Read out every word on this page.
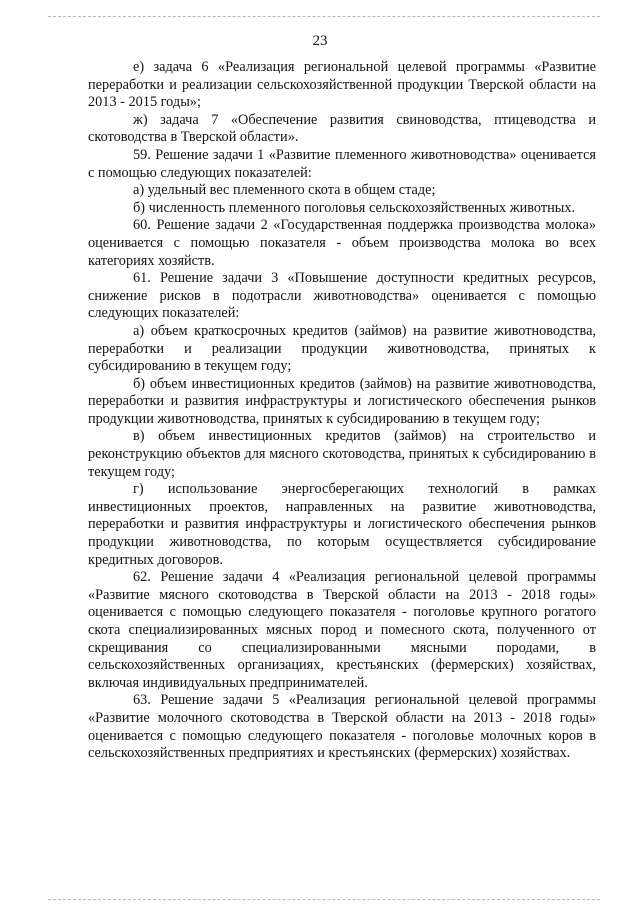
23

е) задача 6 «Реализация региональной целевой программы «Развитие переработки и реализации сельскохозяйственной продукции Тверской области на 2013 - 2015 годы»;

ж) задача 7 «Обеспечение развития свиноводства, птицеводства и скотоводства в Тверской области».

59. Решение задачи 1 «Развитие племенного животноводства» оценивается с помощью следующих показателей:

а) удельный вес племенного скота в общем стаде;

б) численность племенного поголовья сельскохозяйственных животных.

60. Решение задачи 2 «Государственная поддержка производства молока» оценивается с помощью показателя - объем производства молока во всех категориях хозяйств.

61. Решение задачи 3 «Повышение доступности кредитных ресурсов, снижение рисков в подотрасли животноводства» оценивается с помощью следующих показателей:

а) объем краткосрочных кредитов (займов) на развитие животноводства, переработки и реализации продукции животноводства, принятых к субсидированию в текущем году;

б) объем инвестиционных кредитов (займов) на развитие животноводства, переработки и развития инфраструктуры и логистического обеспечения рынков продукции животноводства, принятых к субсидированию в текущем году;

в) объем инвестиционных кредитов (займов) на строительство и реконструкцию объектов для мясного скотоводства, принятых к субсидированию в текущем году;

г) использование энергосберегающих технологий в рамках инвестиционных проектов, направленных на развитие животноводства, переработки и развития инфраструктуры и логистического обеспечения рынков продукции животноводства, по которым осуществляется субсидирование кредитных договоров.

62. Решение задачи 4 «Реализация региональной целевой программы «Развитие мясного скотоводства в Тверской области на 2013 - 2018 годы» оценивается с помощью следующего показателя - поголовье крупного рогатого скота специализированных мясных пород и помесного скота, полученного от скрещивания со специализированными мясными породами, в сельскохозяйственных организациях, крестьянских (фермерских) хозяйствах, включая индивидуальных предпринимателей.

63. Решение задачи 5 «Реализация региональной целевой программы «Развитие молочного скотоводства в Тверской области на 2013 - 2018 годы» оценивается с помощью следующего показателя - поголовье молочных коров в сельскохозяйственных предприятиях и крестьянских (фермерских) хозяйствах.
